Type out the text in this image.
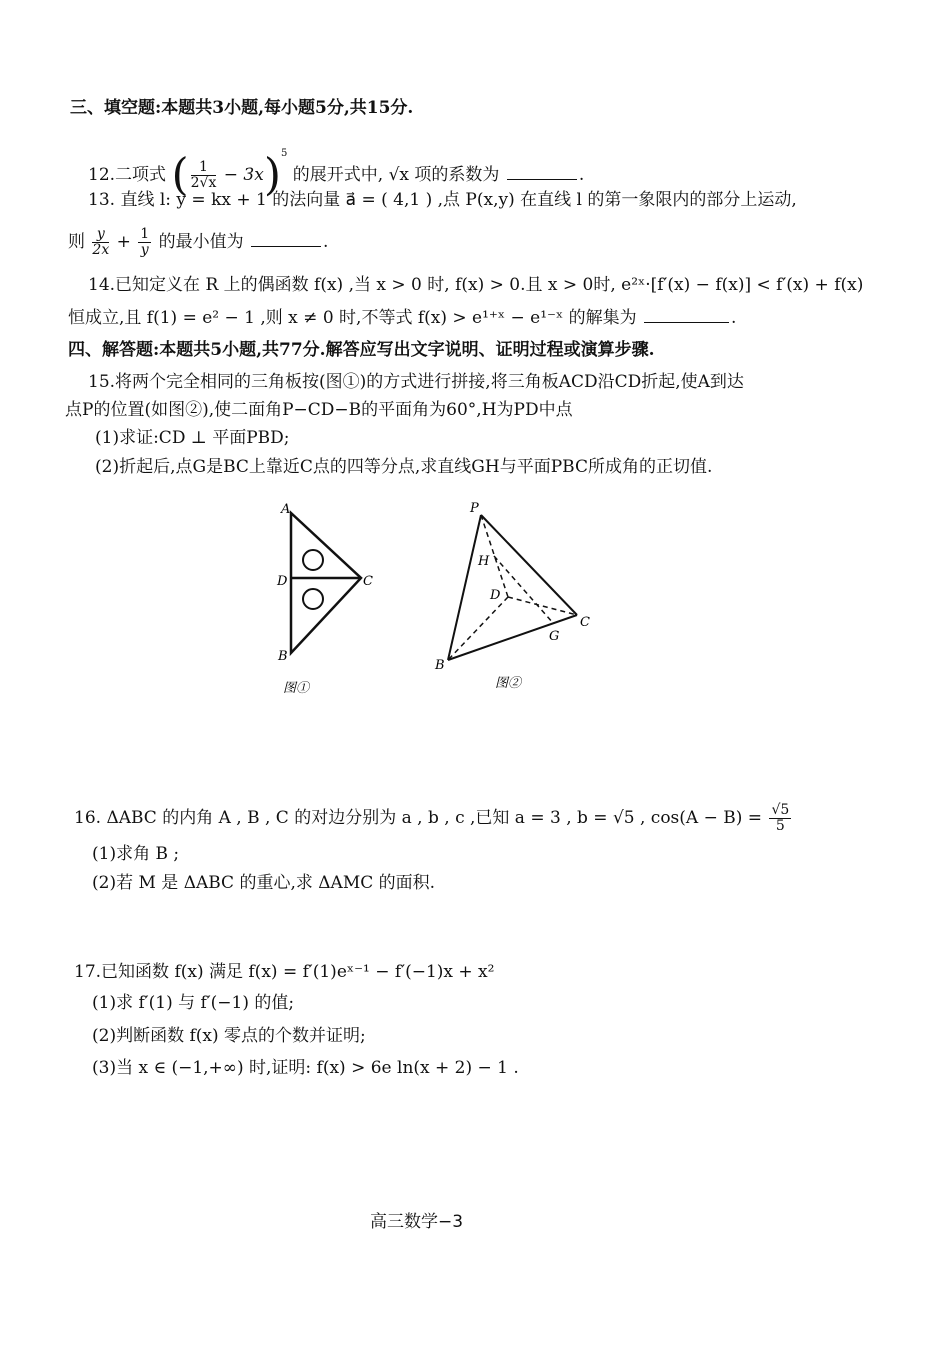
三、填空题:本题共3小题,每小题5分,共15分.
12.二项式 ( $\frac{1}{2√x} - 3x)^5$ 的展开式中, √x 项的系数为	.
13. 直线 l: y = kx + 1 的法向量 a⃗ = ( 4,1 ) ,点 P(x,y) 在直线 l 的第一象限内的部分上运动,
则 $\frac{y}{2x} + \frac{1}{y}$ 的最小值为	.
14.已知定义在 R 上的偶函数 f(x) ,当 x > 0 时, f(x) > 0.且 x > 0时, e²ˣ·[f′(x) − f(x)] < f′(x) + f(x)
恒成立,且 f(1) = e² − 1 ,则 x ≠ 0 时,不等式 f(x) > e¹⁺ˣ − e¹⁻ˣ 的解集为	.
四、解答题:本题共5小题,共77分.解答应写出文字说明、证明过程或演算步骤.
15.将两个完全相同的三角板按(图①)的方式进行拼接,将三角板ACD沿CD折起,使A到达
点P的位置(如图②),使二面角P−CD−B的平面角为60°,H为PD中点
(1)求证:CD ⊥ 平面PBD;
(2)折起后,点G是BC上靠近C点的四等分点,求直线GH与平面PBC所成角的正切值.
A
D	C
B
图①
P
H
D
C
G
B
图②
16. ΔABC 的内角 A , B , C 的对边分别为 a , b , c ,已知 a = 3 , b = √5 , $\cos(A - B) = \frac{√5}{5}$
(1)求角 B ;
(2)若 M 是 ΔABC 的重心,求 ΔAMC 的面积.
17.已知函数 f(x) 满足 f(x) = f′(1)eˣ⁻¹ − f′(−1)x + x²
(1)求 f′(1) 与 f′(−1) 的值;
(2)判断函数 f(x) 零点的个数并证明;
(3)当 x ∈ (−1,+∞) 时,证明: f(x) > 6e ln(x + 2) − 1 .
高三数学−3
